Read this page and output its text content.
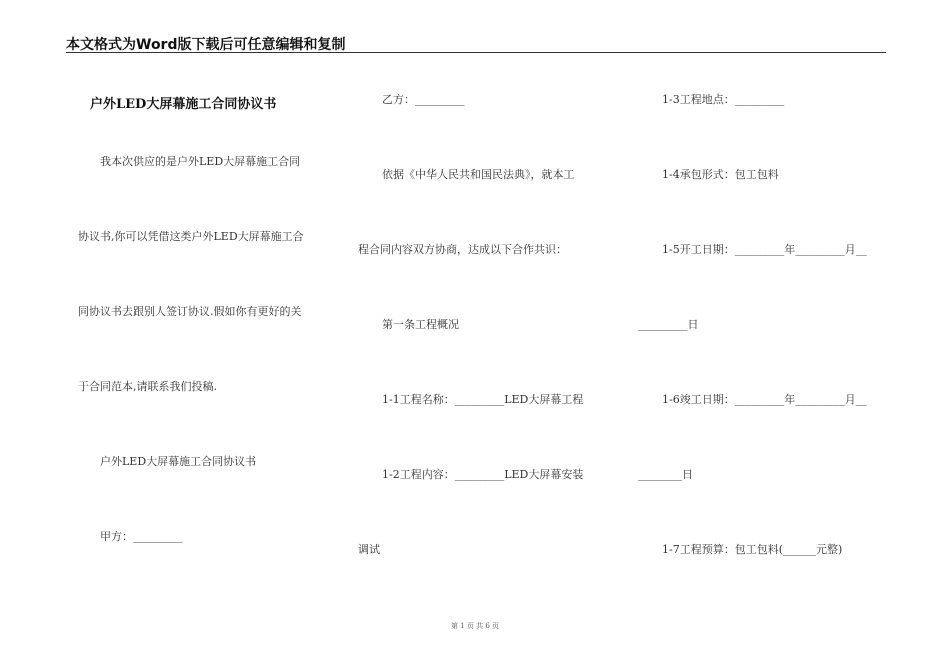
本文格式为Word版下载后可任意编辑和复制
户外LED大屏幕施工合同协议书
我本次供应的是户外LED大屏幕施工合同
协议书,你可以凭借这类户外LED大屏幕施工合
同协议书去跟别人签订协议.假如你有更好的关
于合同范本,请联系我们投稿.
户外LED大屏幕施工合同协议书
甲方：_________
乙方：_________
依据《中华人民共和国民法典》，就本工
程合同内容双方协商，达成以下合作共识：
第一条工程概况
1-1工程名称：_________LED大屏幕工程
1-2工程内容：_________LED大屏幕安装
调试
1-3工程地点：_________
1-4承包形式：包工包料
1-5开工日期：_________年_________月__
_________日
1-6竣工日期：_________年_________月__
________日
1-7工程预算：包工包料(______元整)
第 1 页 共 6 页
